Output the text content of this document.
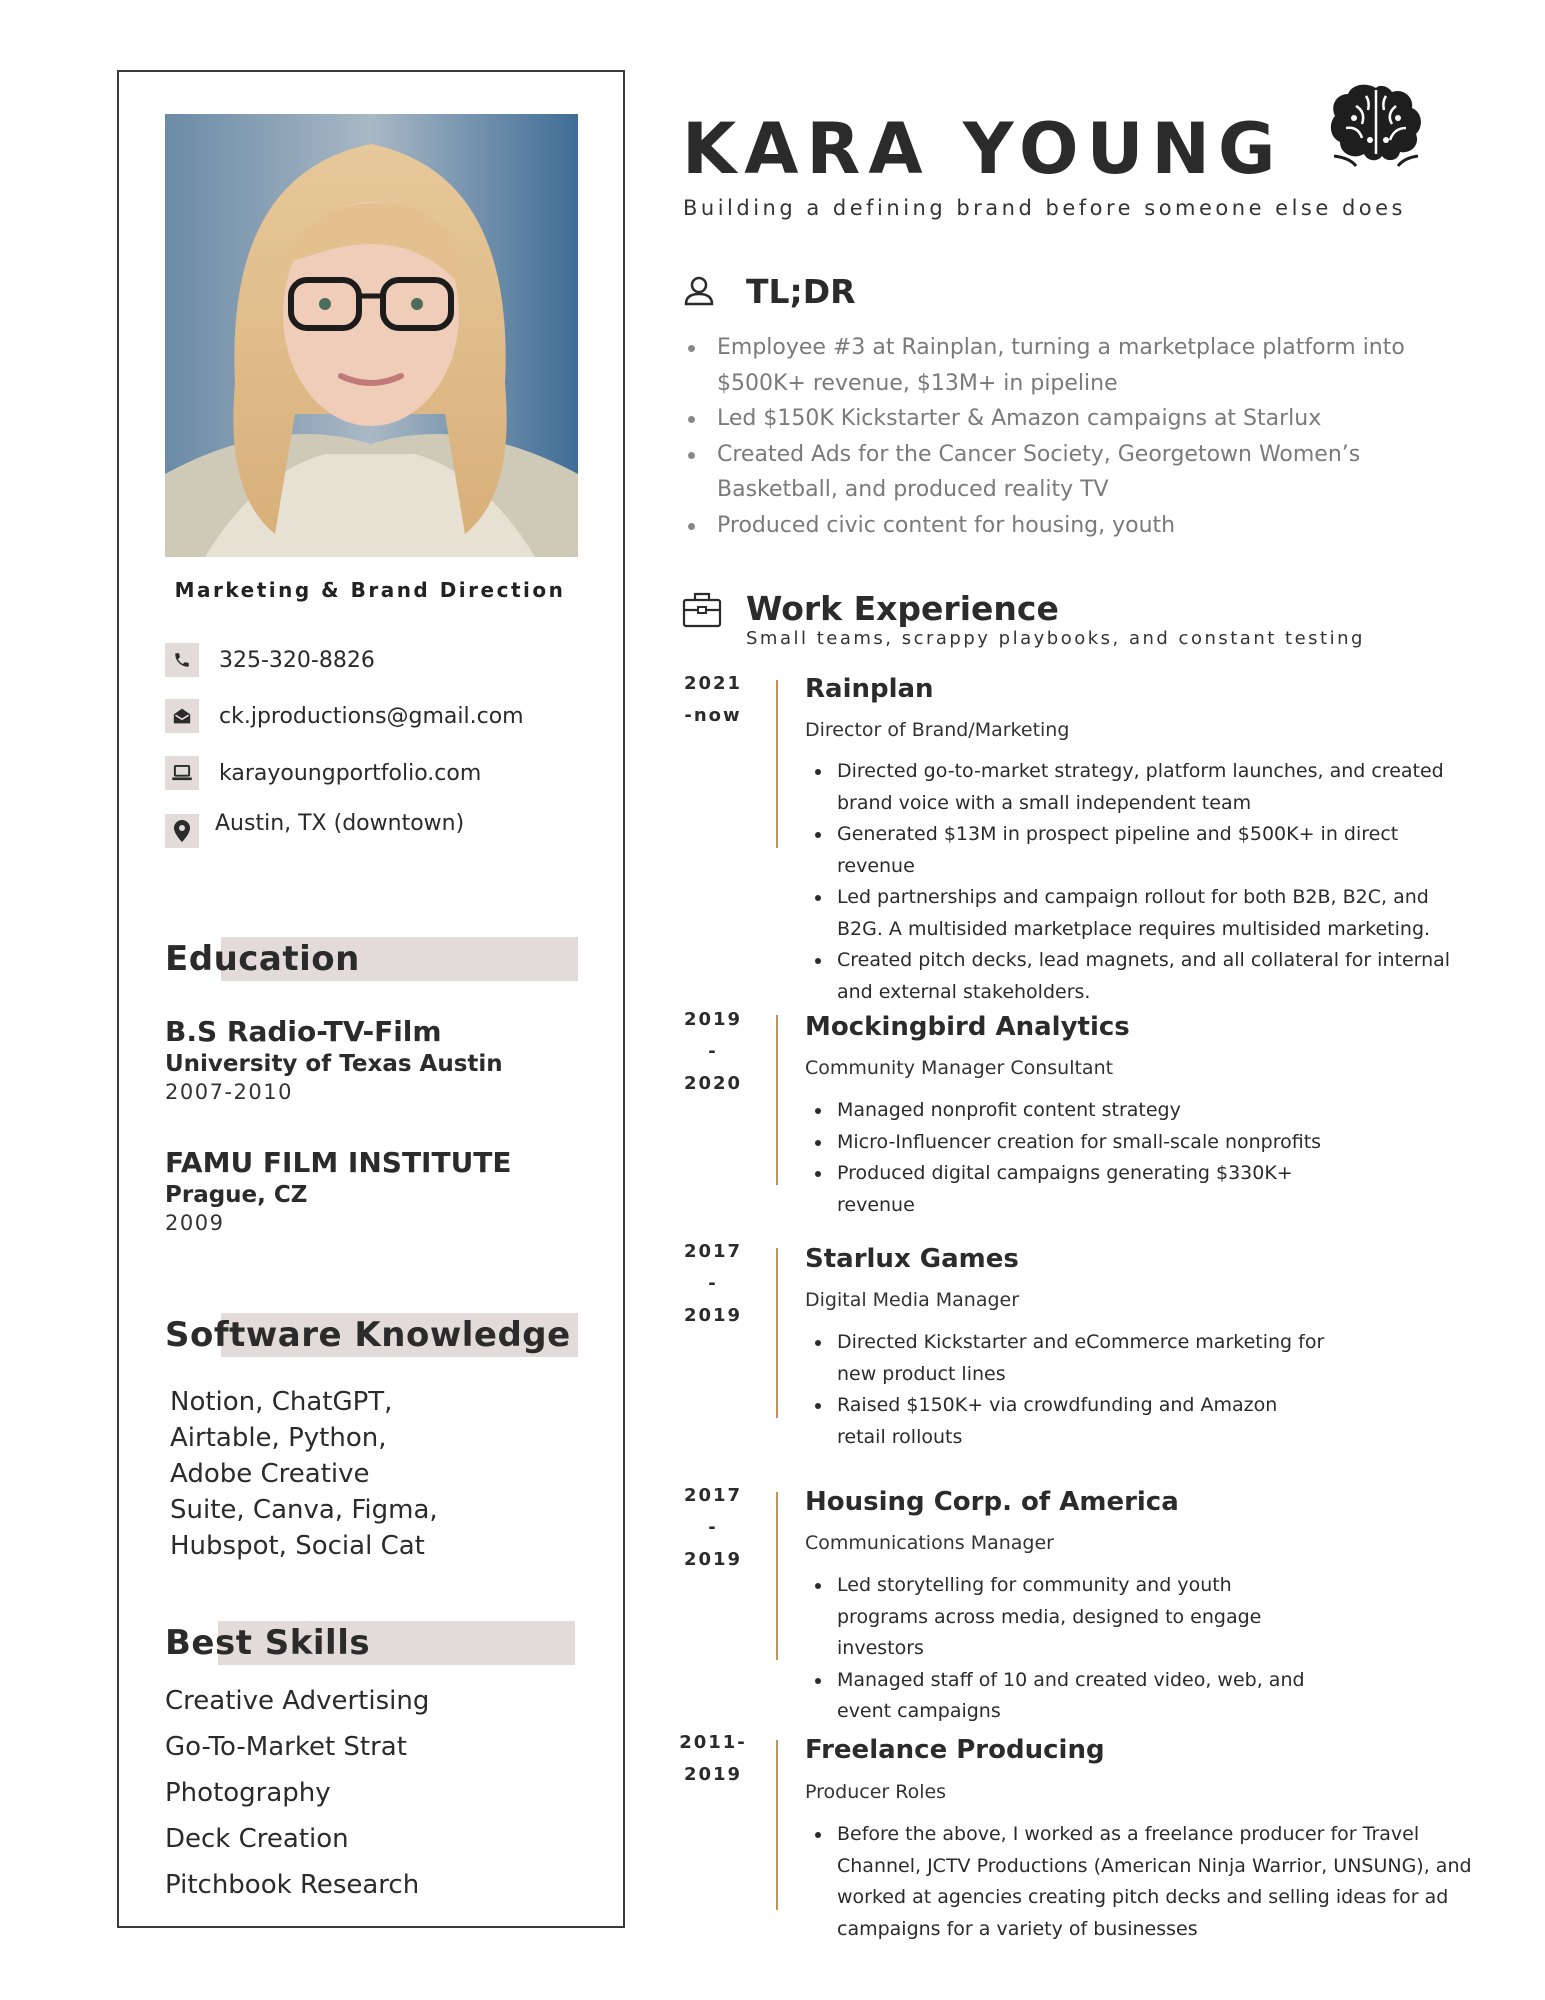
Marketing & Brand Direction
325-320-8826
ck.jproductions@gmail.com
karayoungportfolio.com
Austin, TX (downtown)
Education
B.S Radio-TV-Film
University of Texas Austin
2007-2010
FAMU FILM INSTITUTE
Prague, CZ
2009
Software Knowledge
Notion, ChatGPT,
Airtable, Python,
Adobe Creative
Suite, Canva, Figma,
Hubspot, Social Cat
Best Skills
Creative Advertising
Go-To-Market Strat
Photography
Deck Creation
Pitchbook Research
KARA YOUNG
Building a defining brand before someone else does
TL;DR
Employee #3 at Rainplan, turning a marketplace platform into $500K+ revenue, $13M+ in pipeline
Led $150K Kickstarter & Amazon campaigns at Starlux
Created Ads for the Cancer Society, Georgetown Women’s Basketball, and produced reality TV
Produced civic content for housing, youth
Work Experience
Small teams, scrappy playbooks, and constant testing
2021
-now
Rainplan
Director of Brand/Marketing
Directed go-to-market strategy, platform launches, and created brand voice with a small independent team
Generated $13M in prospect pipeline and $500K+ in direct revenue
Led partnerships and campaign rollout for both B2B, B2C, and B2G. A multisided marketplace requires multisided marketing.
Created pitch decks, lead magnets, and all collateral for internal and external stakeholders.
2019
-
2020
Mockingbird Analytics
Community Manager Consultant
Managed nonprofit content strategy
Micro-Influencer creation for small-scale nonprofits
Produced digital campaigns generating $330K+ revenue
2017
-
2019
Starlux Games
Digital Media Manager
Directed Kickstarter and eCommerce marketing for new product lines
Raised $150K+ via crowdfunding and Amazon retail rollouts
2017
-
2019
Housing Corp. of America
Communications Manager
Led storytelling for community and youth programs across media, designed to engage investors
Managed staff of 10 and created video, web, and event campaigns
2011-
2019
Freelance Producing
Producer Roles
Before the above, I worked as a freelance producer for Travel Channel, JCTV Productions (American Ninja Warrior, UNSUNG), and worked at agencies creating pitch decks and selling ideas for ad campaigns for a variety of businesses
